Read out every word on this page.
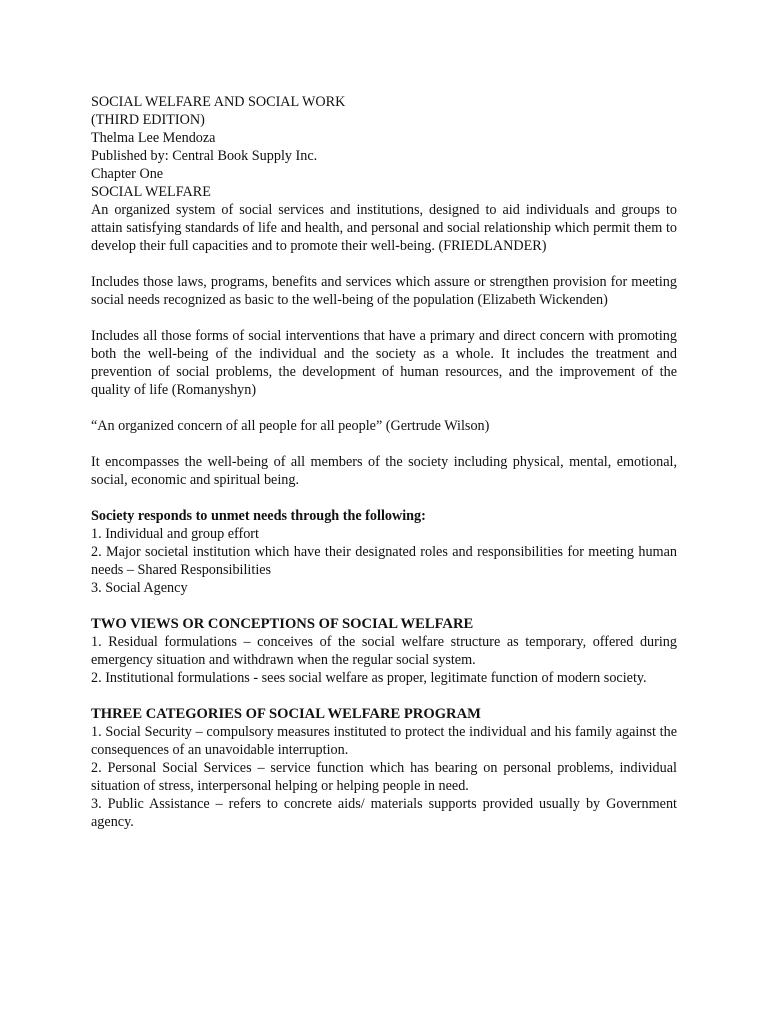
SOCIAL WELFARE AND SOCIAL WORK

(THIRD EDITION)

Thelma Lee Mendoza

Published by: Central Book Supply Inc.

Chapter One

SOCIAL WELFARE

An organized system of social services and institutions, designed to aid individuals and groups to attain satisfying standards of life and health, and personal and social relationship which permit them to develop their full capacities and to promote their well-being. (FRIEDLANDER)

Includes those laws, programs, benefits and services which assure or strengthen provision for meeting social needs recognized as basic to the well-being of the population (Elizabeth Wickenden)

Includes all those forms of social interventions that have a primary and direct concern with promoting both the well-being of the individual and the society as a whole. It includes the treatment and prevention of social problems, the development of human resources, and the improvement of the quality of life (Romanyshyn)

“An organized concern of all people for all people” (Gertrude Wilson)

It encompasses the well-being of all members of the society including physical, mental, emotional, social, economic and spiritual being.

Society responds to unmet needs through the following:

1. Individual and group effort

2. Major societal institution which have their designated roles and responsibilities for meeting human needs – Shared Responsibilities

3. Social Agency

TWO VIEWS OR CONCEPTIONS OF SOCIAL WELFARE

1. Residual formulations – conceives of the social welfare structure as temporary, offered during emergency situation and withdrawn when the regular social system.

2. Institutional formulations - sees social welfare as proper, legitimate function of modern society.

THREE CATEGORIES OF SOCIAL WELFARE PROGRAM

1. Social Security – compulsory measures instituted to protect the individual and his family against the consequences of an unavoidable interruption.

2. Personal Social Services – service function which has bearing on personal problems, individual situation of stress, interpersonal helping or helping people in need.

3. Public Assistance – refers to concrete aids/ materials supports provided usually by Government agency.
